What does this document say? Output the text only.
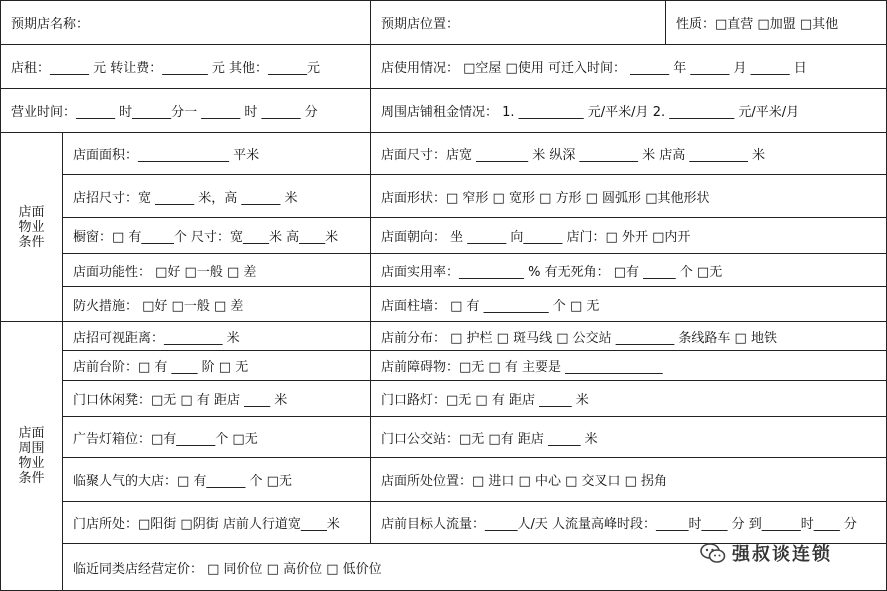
预期店名称：	预期店位置：	性质：□直营 □加盟 □其他
店租：______ 元 转让费：_______ 元 其他：______元	店使用情况： □空屋 □使用 可迁入时间： ______ 年 ______ 月 ______ 日
营业时间：______ 时______分一 ______ 时 ______ 分	周围店铺租金情况： 1. __________ 元/平米/月 2. __________ 元/平米/月
店面物业条件
店面面积：______________ 平米	店面尺寸：店宽 ________ 米 纵深 _________ 米 店高 _________ 米
店招尺寸：宽 ______ 米，高 ______ 米	店面形状：□ 窄形 □ 宽形 □ 方形 □ 圆弧形 □其他形状
橱窗：□ 有_____个 尺寸：宽____米 高____米	店面朝向： 坐 ______ 向______ 店门：□ 外开 □内开
店面功能性： □好 □一般 □ 差	店面实用率：__________ % 有无死角： □有 _____ 个 □无
防火措施： □好 □一般 □ 差	店面柱墙： □ 有 __________ 个 □ 无
店面周围物业条件
店招可视距离：_________ 米	店前分布： □ 护栏 □ 斑马线 □ 公交站 _________ 条线路车 □ 地铁
店前台阶：□ 有 ____ 阶 □ 无	店前障碍物：□无 □ 有 主要是 _______________
门口休闲凳：□无 □ 有 距店 ____ 米	门口路灯：□无 □ 有 距店 _____ 米
广告灯箱位：□有______个 □无	门口公交站：□无 □有 距店 _____ 米
临聚人气的大店：□ 有______ 个 □无	店面所处位置：□ 进口 □ 中心 □ 交叉口 □ 拐角
门店所处：□阳街 □阴街 店前人行道宽____米	店前目标人流量：_____人/天 人流量高峰时段：_____时____ 分 到______时____ 分
临近同类店经营定价： □ 同价位 □ 高价位 □ 低价位
强叔谈连锁
